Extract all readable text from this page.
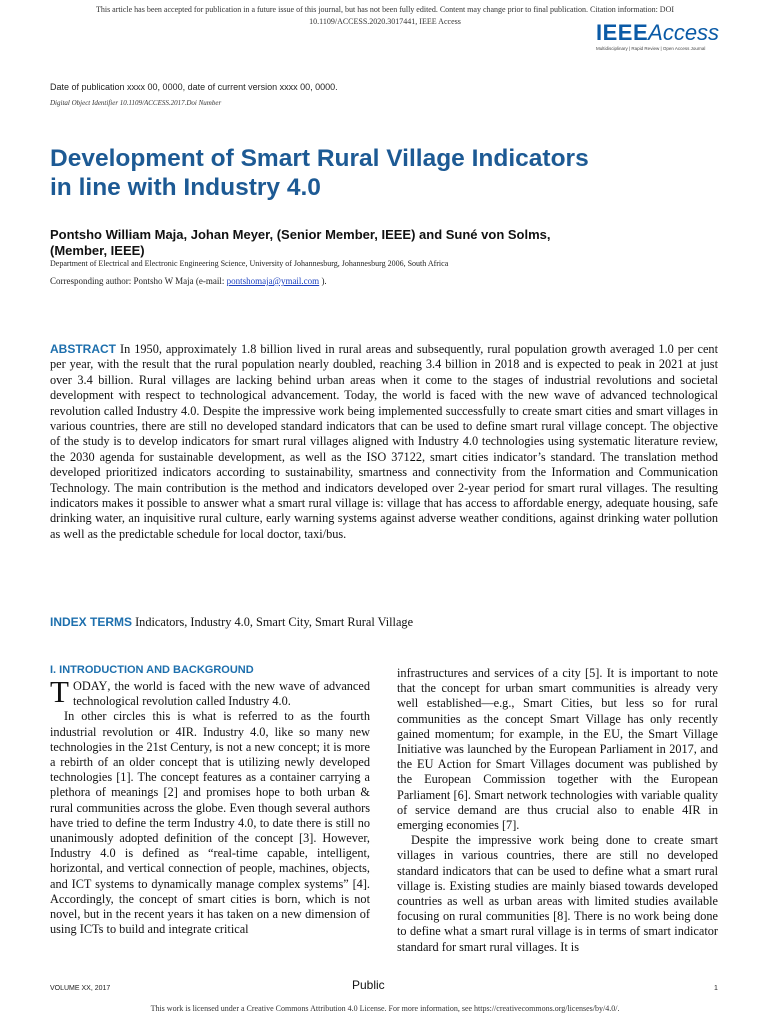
This article has been accepted for publication in a future issue of this journal, but has not been fully edited. Content may change prior to final publication. Citation information: DOI
10.1109/ACCESS.2020.3017441, IEEE Access	IEEEAccess
Multidisciplinary | Rapid Review | Open Access Journal
Date of publication xxxx 00, 0000, date of current version xxxx 00, 0000.
Digital Object Identifier 10.1109/ACCESS.2017.Doi Number
Development of Smart Rural Village Indicators
in line with Industry 4.0
Pontsho William Maja, Johan Meyer, (Senior Member, IEEE) and Suné von Solms,
(Member, IEEE)
Department of Electrical and Electronic Engineering Science, University of Johannesburg, Johannesburg 2006, South Africa
Corresponding author: Pontsho W Maja (e-mail: pontshomaja@ymail.com ).
ABSTRACT In 1950, approximately 1.8 billion lived in rural areas and subsequently, rural population growth averaged 1.0 per cent per year, with the result that the rural population nearly doubled, reaching 3.4 billion in 2018 and is expected to peak in 2021 at just over 3.4 billion. Rural villages are lacking behind urban areas when it come to the stages of industrial revolutions and societal development with respect to technological advancement. Today, the world is faced with the new wave of advanced technological revolution called Industry 4.0. Despite the impressive work being implemented successfully to create smart cities and smart villages in various countries, there are still no developed standard indicators that can be used to define smart rural village concept. The objective of the study is to develop indicators for smart rural villages aligned with Industry 4.0 technologies using systematic literature review, the 2030 agenda for sustainable development, as well as the ISO 37122, smart cities indicator’s standard. The translation method developed prioritized indicators according to sustainability, smartness and connectivity from the Information and Communication Technology. The main contribution is the method and indicators developed over 2-year period for smart rural villages. The resulting indicators makes it possible to answer what a smart rural village is: village that has access to affordable energy, adequate housing, safe drinking water, an inquisitive rural culture, early warning systems against adverse weather conditions, against drinking water pollution as well as the predictable schedule for local doctor, taxi/bus.
INDEX TERMS Indicators, Industry 4.0, Smart City, Smart Rural Village
I. INTRODUCTION AND BACKGROUND

TODAY, the world is faced with the new wave of advanced technological revolution called Industry 4.0.

In other circles this is what is referred to as the fourth industrial revolution or 4IR. Industry 4.0, like so many new technologies in the 21st Century, is not a new concept; it is more a rebirth of an older concept that is utilizing newly developed technologies [1]. The concept features as a container carrying a plethora of meanings [2] and promises hope to both urban & rural communities across the globe. Even though several authors have tried to define the term Industry 4.0, to date there is still no unanimously adopted definition of the concept [3]. However, Industry 4.0 is defined as “real-time capable, intelligent, horizontal, and vertical connection of people, machines, objects, and ICT systems to dynamically manage complex systems” [4]. Accordingly, the concept of smart cities is born, which is not novel, but in the recent years it has taken on a new dimension of using ICTs to build and integrate critical

infrastructures and services of a city [5]. It is important to note that the concept for urban smart communities is already very well established—e.g., Smart Cities, but less so for rural communities as the concept Smart Village has only recently gained momentum; for example, in the EU, the Smart Village Initiative was launched by the European Parliament in 2017, and the EU Action for Smart Villages document was published by the European Commission together with the European Parliament [6]. Smart network technologies with variable quality of service demand are thus crucial also to enable 4IR in emerging economies [7].

Despite the impressive work being done to create smart villages in various countries, there are still no developed standard indicators that can be used to define what a smart rural village is. Existing studies are mainly biased towards developed countries as well as urban areas with limited studies available focusing on rural communities [8]. There is no work being done to define what a smart rural village is in terms of smart indicator standard for smart rural villages. It is

VOLUME XX, 2017	Public	1
This work is licensed under a Creative Commons Attribution 4.0 License. For more information, see https://creativecommons.org/licenses/by/4.0/.
